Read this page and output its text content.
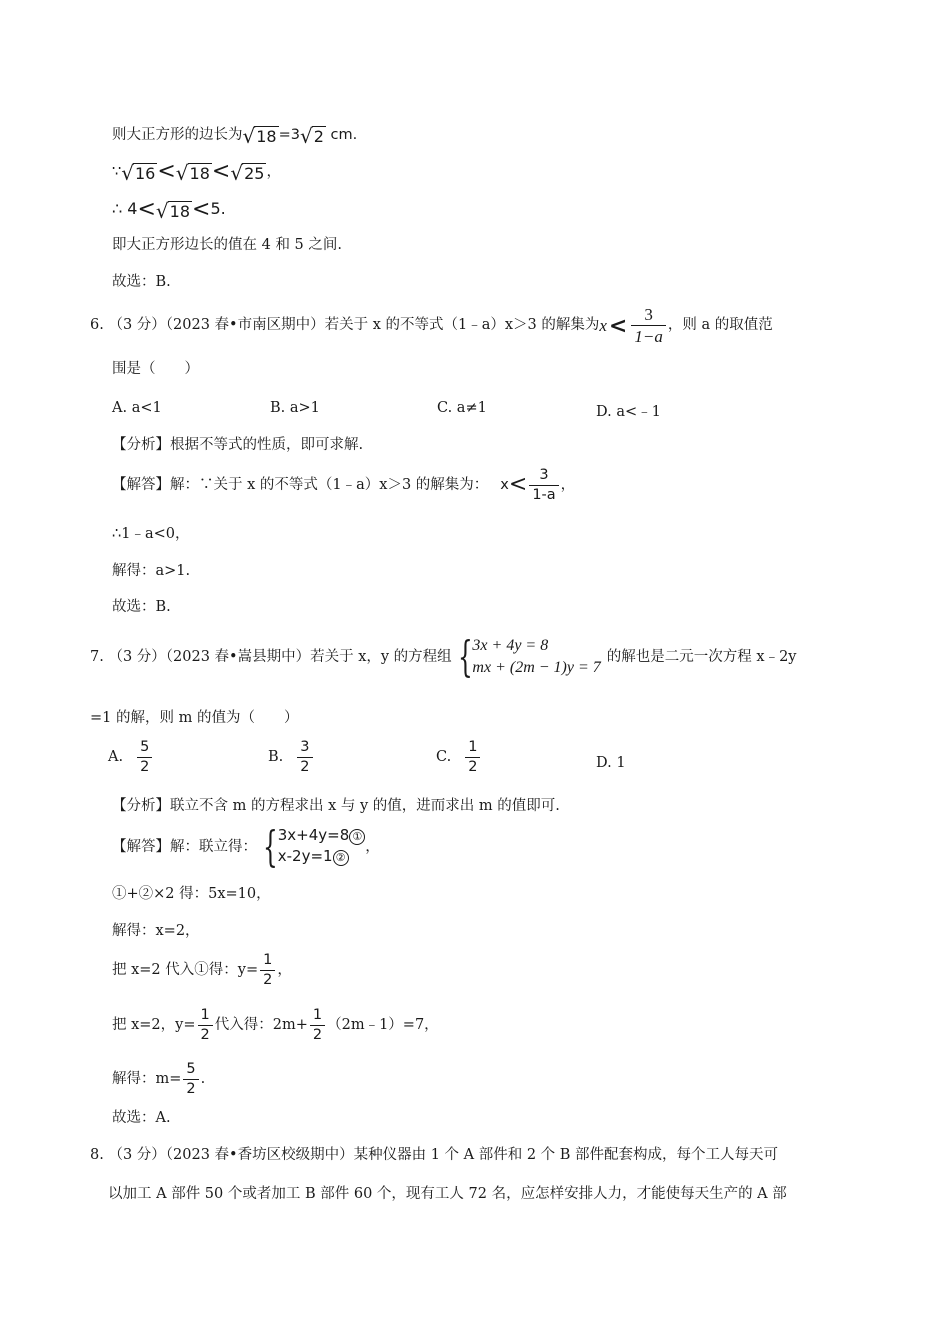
则大正方形的边长为 √ 18 =3 √ 2 cm.
∵ √ 16 < √ 18 < √ 25 ，
∴ 4< √ 18 <5.
即大正方形边长的值在 4 和 5 之间.
故选：B.
6. （3 分）（2023 春•市南区期中）若关于 x 的不等式（1﹣a）x＞3 的解集为 $x < \frac{3}{1-a}$ ，则 a 的取值范
围是（　　）
A. a<1	B. a>1	C. a≠1	D. a<﹣1
【分析】根据不等式的性质，即可求解.
【解答】解：∵关于 x 的不等式（1﹣a）x＞3 的解集为： $x < \frac{3}{1-a}$ ，
∴1﹣a<0，
解得：a>1.
故选：B.
7. （3 分）（2023 春•嵩县期中）若关于 x，y 的方程组 { 3x + 4y = 8
mx + (2m − 1)y = 7
的解也是二元一次方程 x﹣2y
=1 的解，则 m 的值为（　　）
A. $\frac{5}{2}$	B. $\frac{3}{2}$	C. $\frac{1}{2}$	D. 1
【分析】联立不含 m 的方程求出 x 与 y 的值，进而求出 m 的值即可.
【解答】解：联立得： { 3x+4y=8 ①
x-2y=1 ②
，
①+②×2 得：5x=10，
解得：x=2，
把 x=2 代入①得：$y= \frac{1}{2}$ ，
把 x=2，$y= \frac{1}{2}$ 代入得：$2m+ \frac{1}{2}$ （2m﹣1）=7，
解得：$m= \frac{5}{2}$ .
故选：A.
8. （3 分）（2023 春•香坊区校级期中）某种仪器由 1 个 A 部件和 2 个 B 部件配套构成，每个工人每天可
以加工 A 部件 50 个或者加工 B 部件 60 个，现有工人 72 名，应怎样安排人力，才能使每天生产的 A 部
